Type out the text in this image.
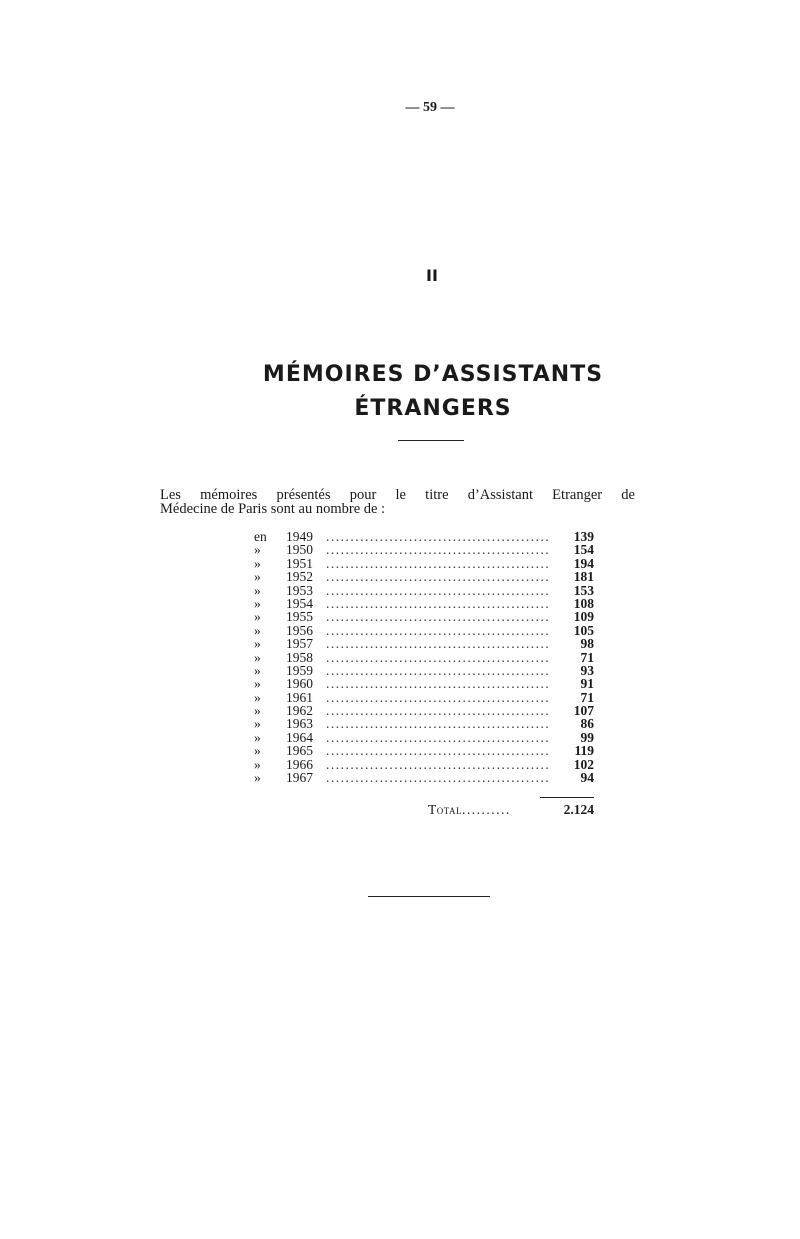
— 59 —
II
MÉMOIRES D’ASSISTANTS
ÉTRANGERS
Les mémoires présentés pour le titre d’Assistant Etranger de
Médecine de Paris sont au nombre de :
en	1949 ..............................................	139
»	1950 ..............................................	154
»	1951 ..............................................	194
»	1952 ..............................................	181
»	1953 ..............................................	153
»	1954 ..............................................	108
»	1955 ..............................................	109
»	1956 ..............................................	105
»	1957 ..............................................	98
»	1958 ..............................................	71
»	1959 ..............................................	93
»	1960 ..............................................	91
»	1961 ..............................................	71
»	1962 ..............................................	107
»	1963 ..............................................	86
»	1964 ..............................................	99
»	1965 ..............................................	119
»	1966 ..............................................	102
»	1967 ..............................................	94
Total ..........	2.124
